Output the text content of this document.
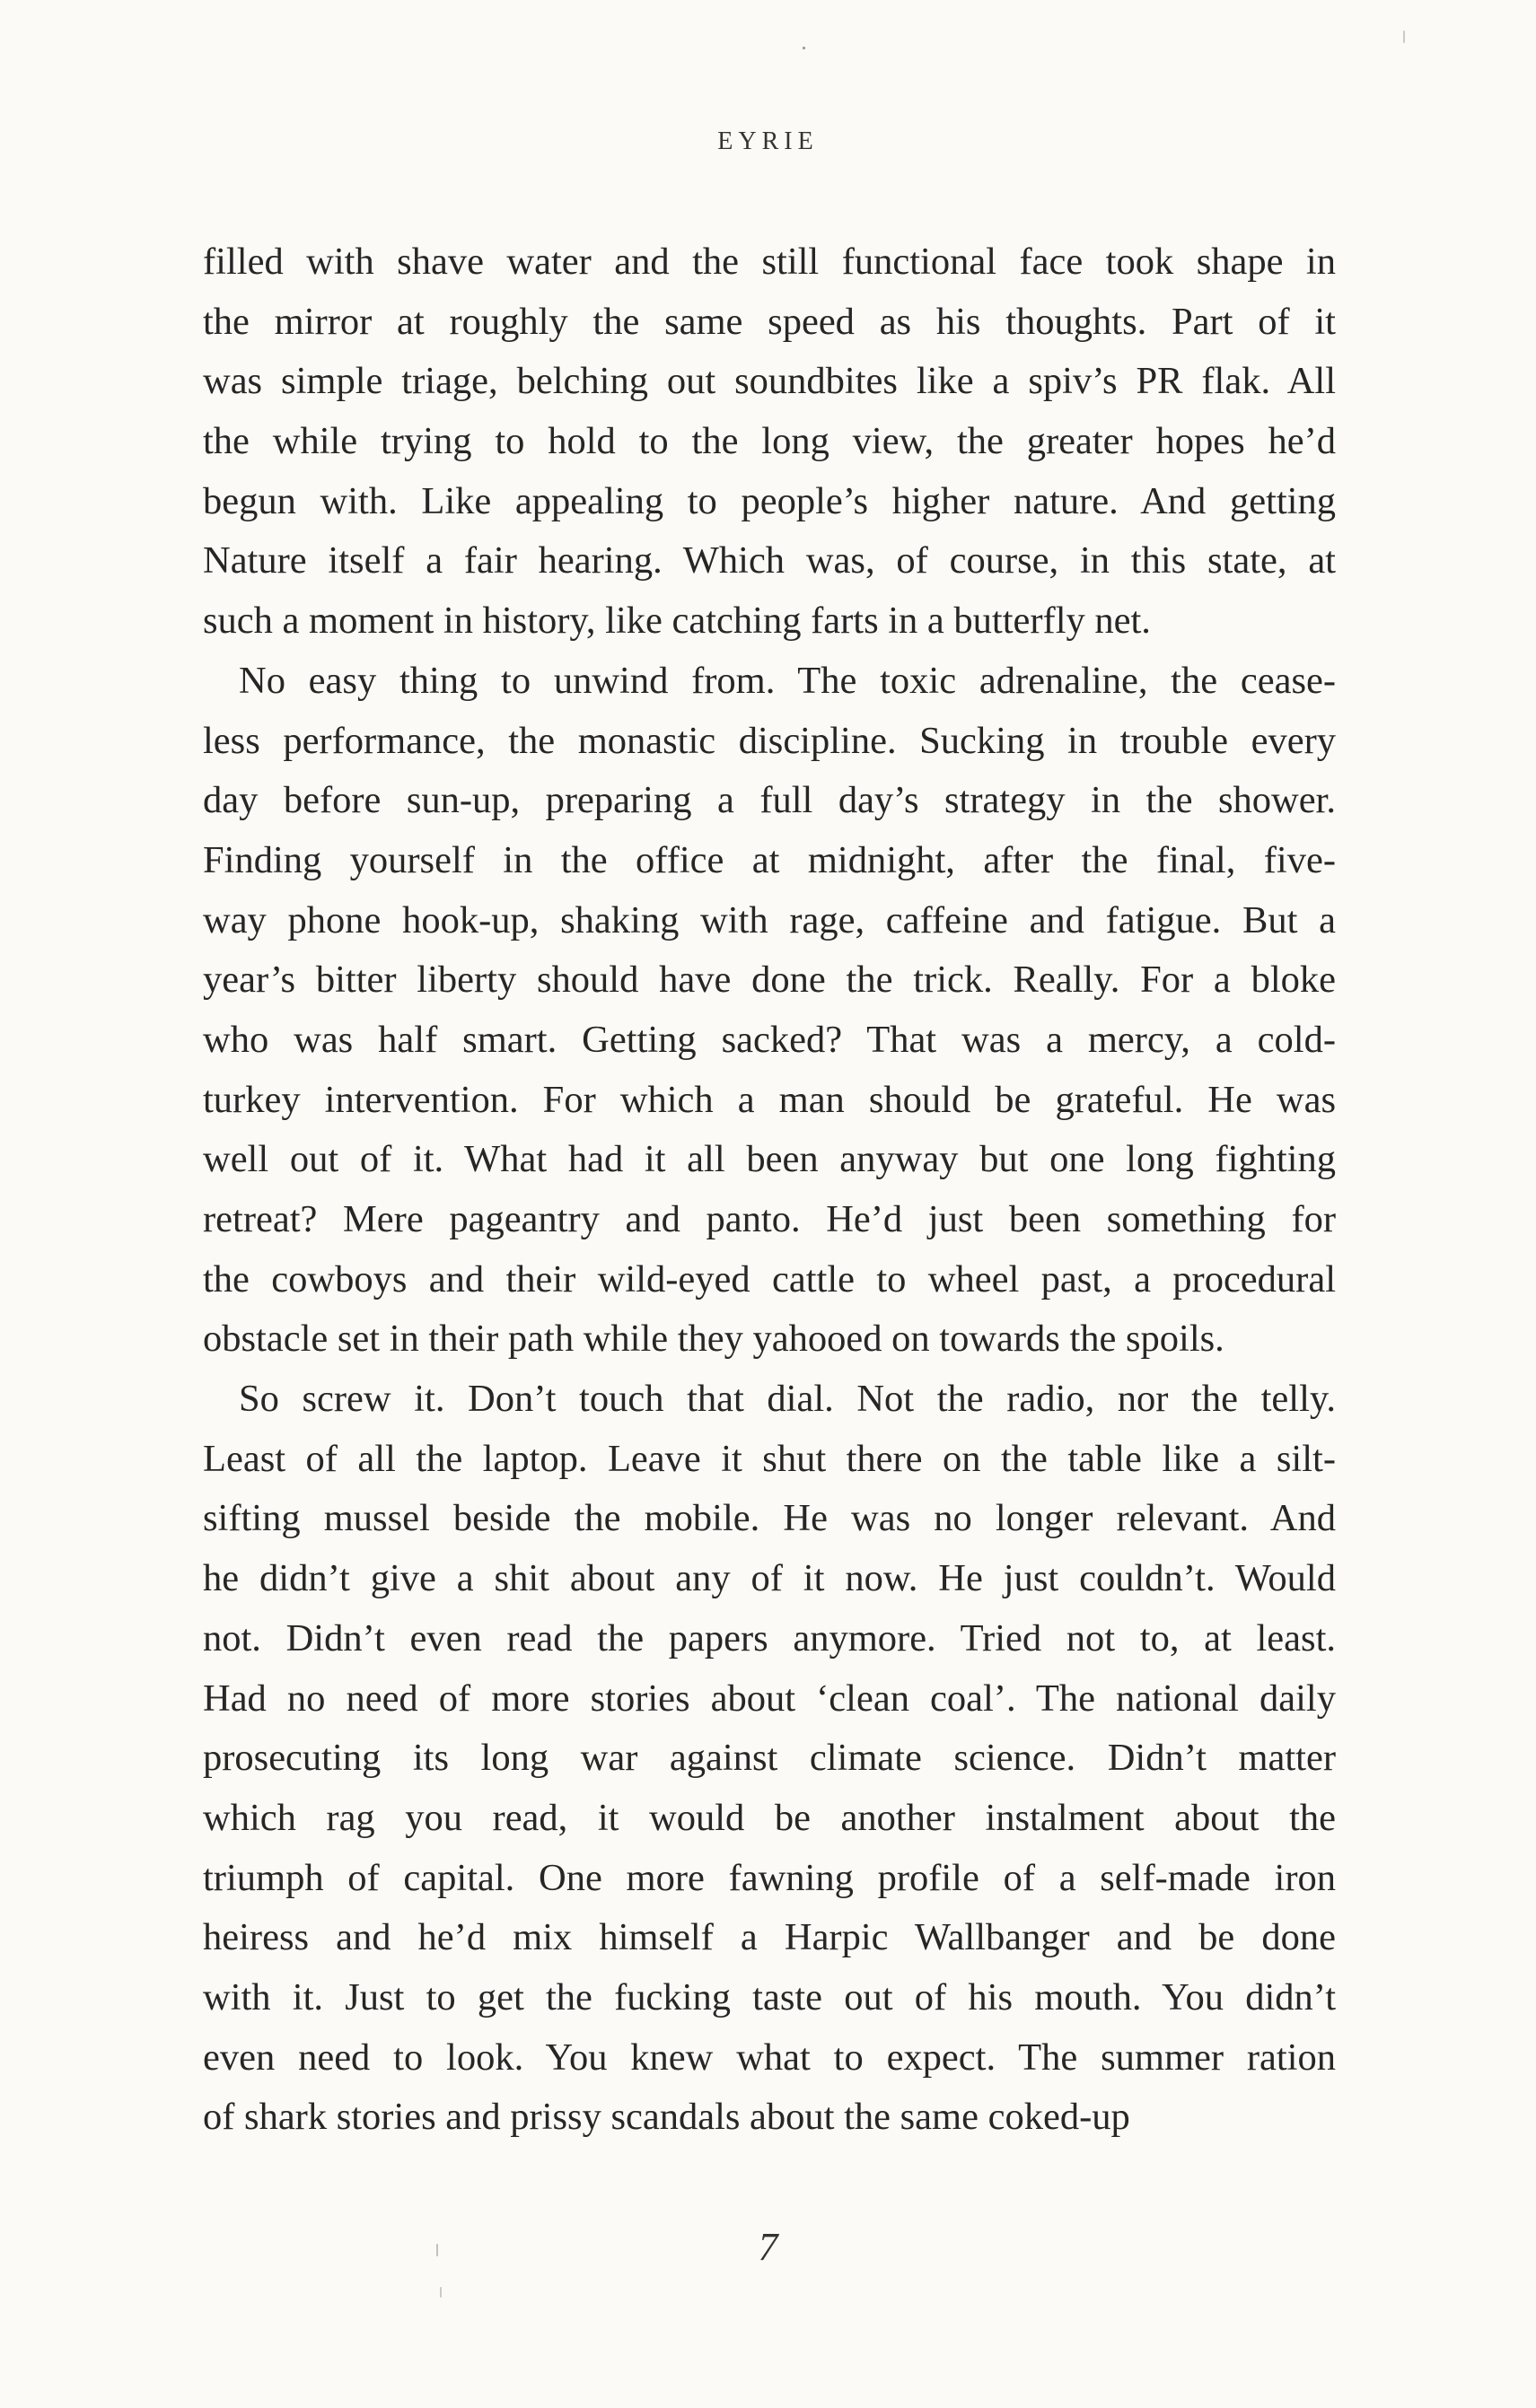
EYRIE
filled with shave water and the still functional face took shape in
the mirror at roughly the same speed as his thoughts. Part of it
was simple triage, belching out soundbites like a spiv’s PR flak. All
the while trying to hold to the long view, the greater hopes he’d
begun with. Like appealing to people’s higher nature. And getting
Nature itself a fair hearing. Which was, of course, in this state, at
such a moment in history, like catching farts in a butterfly net.
No easy thing to unwind from. The toxic adrenaline, the cease-
less performance, the monastic discipline. Sucking in trouble every
day before sun-up, preparing a full day’s strategy in the shower.
Finding yourself in the office at midnight, after the final, five-
way phone hook-up, shaking with rage, caffeine and fatigue. But a
year’s bitter liberty should have done the trick. Really. For a bloke
who was half smart. Getting sacked? That was a mercy, a cold-
turkey intervention. For which a man should be grateful. He was
well out of it. What had it all been anyway but one long fighting
retreat? Mere pageantry and panto. He’d just been something for
the cowboys and their wild-eyed cattle to wheel past, a procedural
obstacle set in their path while they yahooed on towards the spoils.
So screw it. Don’t touch that dial. Not the radio, nor the telly.
Least of all the laptop. Leave it shut there on the table like a silt-
sifting mussel beside the mobile. He was no longer relevant. And
he didn’t give a shit about any of it now. He just couldn’t. Would
not. Didn’t even read the papers anymore. Tried not to, at least.
Had no need of more stories about ‘clean coal’. The national daily
prosecuting its long war against climate science. Didn’t matter
which rag you read, it would be another instalment about the
triumph of capital. One more fawning profile of a self-made iron
heiress and he’d mix himself a Harpic Wallbanger and be done
with it. Just to get the fucking taste out of his mouth. You didn’t
even need to look. You knew what to expect. The summer ration
of shark stories and prissy scandals about the same coked-up
7
